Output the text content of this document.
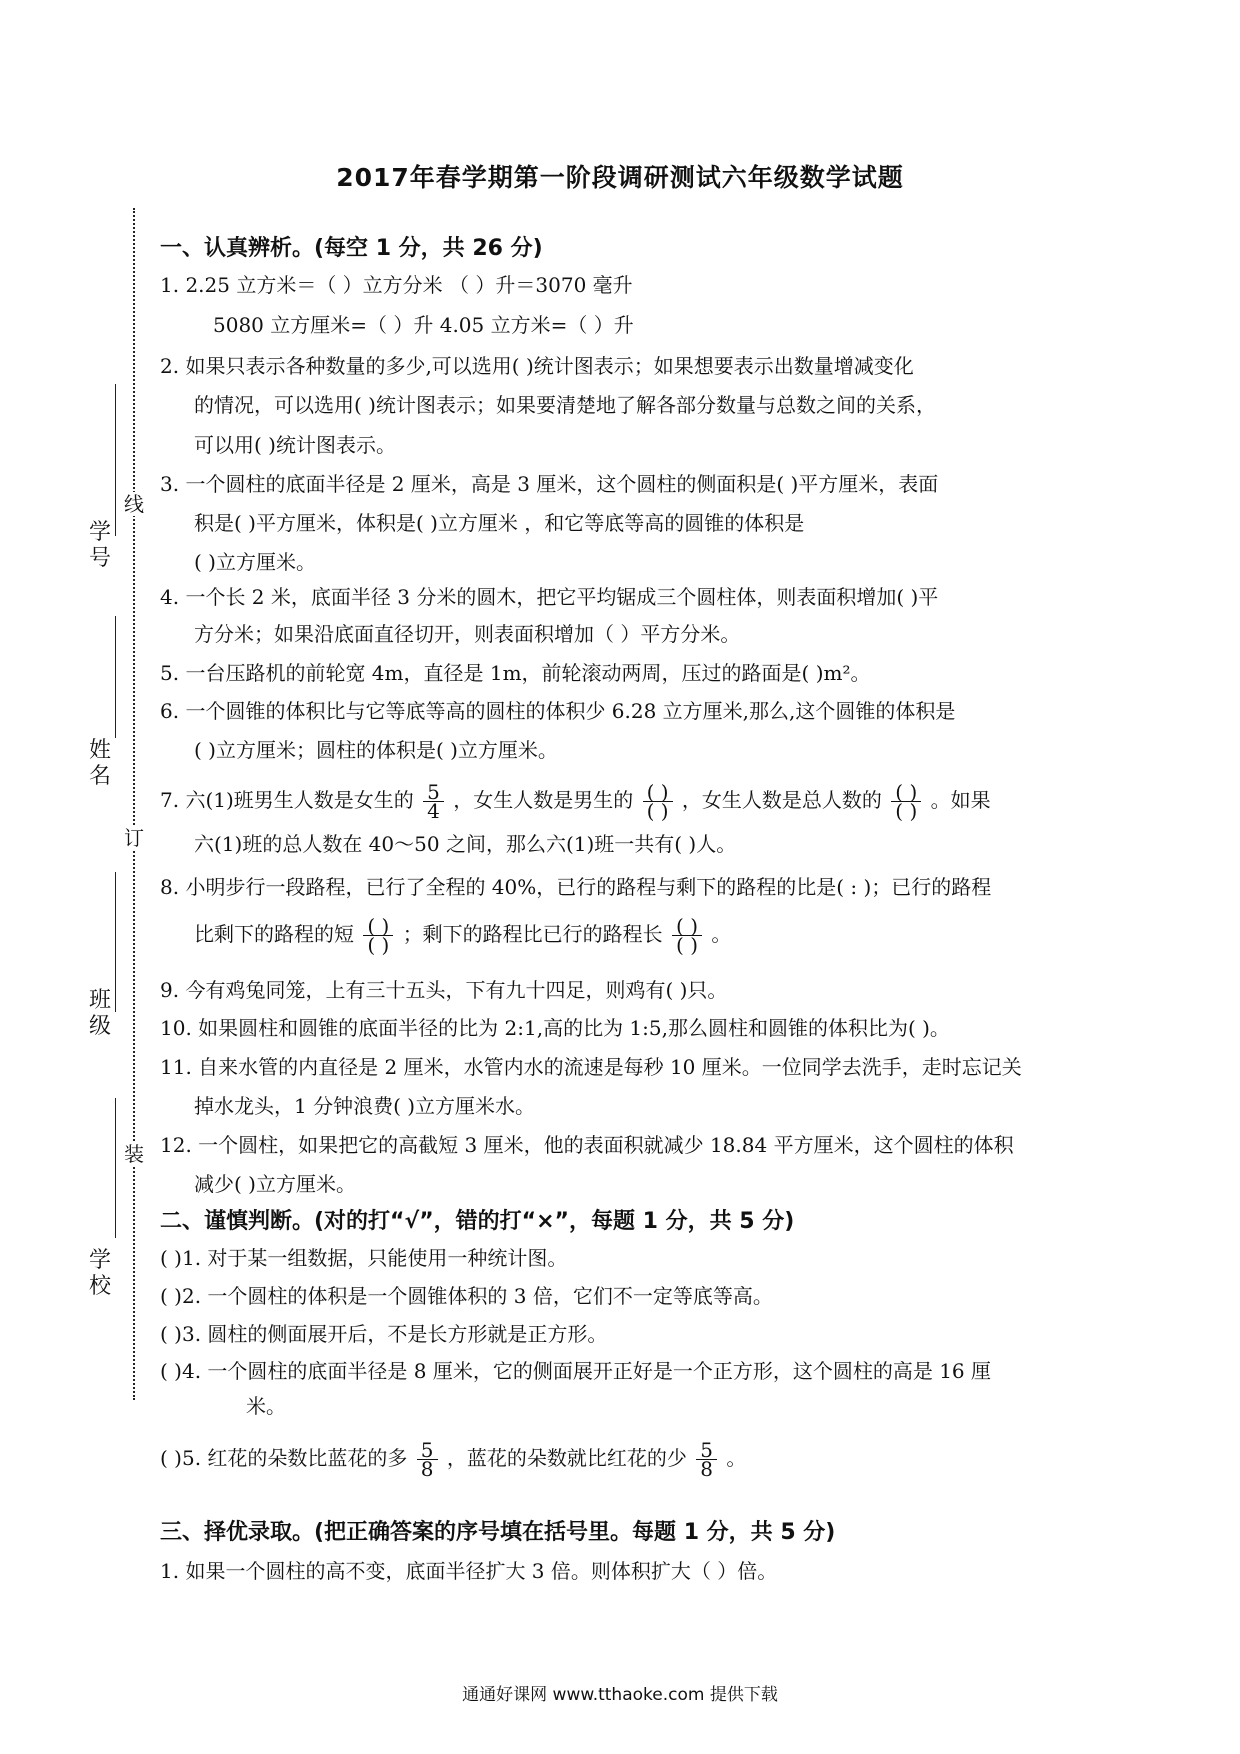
2017年春学期第一阶段调研测试六年级数学试题
线
订
装
学号
姓名
班级
学校
一、认真辨析。(每空 1 分，共 26 分)
1. 2.25 立方米＝（ ）立方分米 （ ）升＝3070 毫升
5080 立方厘米=（ ）升 4.05 立方米=（ ）升
2. 如果只表示各种数量的多少,可以选用( )统计图表示；如果想要表示出数量增减变化
的情况，可以选用( )统计图表示；如果要清楚地了解各部分数量与总数之间的关系，
可以用( )统计图表示。
3. 一个圆柱的底面半径是 2 厘米，高是 3 厘米，这个圆柱的侧面积是( )平方厘米，表面
积是( )平方厘米，体积是( )立方厘米 ，和它等底等高的圆锥的体积是
( )立方厘米。
4. 一个长 2 米，底面半径 3 分米的圆木，把它平均锯成三个圆柱体，则表面积增加( )平
方分米；如果沿底面直径切开，则表面积增加（ ）平方分米。
5. 一台压路机的前轮宽 4m，直径是 1m，前轮滚动两周，压过的路面是( )m²。
6. 一个圆锥的体积比与它等底等高的圆柱的体积少 6.28 立方厘米,那么,这个圆锥的体积是
( )立方厘米；圆柱的体积是( )立方厘米。
7. 六(1)班男生人数是女生的 $\frac{5}{4}$ ，女生人数是男生的 $\frac{( )}{( )}$ ，女生人数是总人数的 $\frac{( )}{( )}$ 。如果
六(1)班的总人数在 40～50 之间，那么六(1)班一共有( )人。
8. 小明步行一段路程，已行了全程的 40%，已行的路程与剩下的路程的比是( : )；已行的路程
比剩下的路程的短 $\frac{( )}{( )}$ ；剩下的路程比已行的路程长 $\frac{( )}{( )}$ 。
9. 今有鸡兔同笼，上有三十五头，下有九十四足，则鸡有( )只。
10. 如果圆柱和圆锥的底面半径的比为 2:1,高的比为 1:5,那么圆柱和圆锥的体积比为( )。
11. 自来水管的内直径是 2 厘米，水管内水的流速是每秒 10 厘米。一位同学去洗手，走时忘记关
掉水龙头，1 分钟浪费( )立方厘米水。
12. 一个圆柱，如果把它的高截短 3 厘米，他的表面积就减少 18.84 平方厘米，这个圆柱的体积
减少( )立方厘米。
二、谨慎判断。(对的打“√”，错的打“×”，每题 1 分，共 5 分)
( )1. 对于某一组数据，只能使用一种统计图。
( )2. 一个圆柱的体积是一个圆锥体积的 3 倍，它们不一定等底等高。
( )3. 圆柱的侧面展开后，不是长方形就是正方形。
( )4. 一个圆柱的底面半径是 8 厘米，它的侧面展开正好是一个正方形，这个圆柱的高是 16 厘
米。
( )5. 红花的朵数比蓝花的多 $\frac{5}{8}$ ，蓝花的朵数就比红花的少 $\frac{5}{8}$ 。
三、择优录取。(把正确答案的序号填在括号里。每题 1 分，共 5 分)
1. 如果一个圆柱的高不变，底面半径扩大 3 倍。则体积扩大（ ）倍。
通通好课网 www.tthaoke.com 提供下载
